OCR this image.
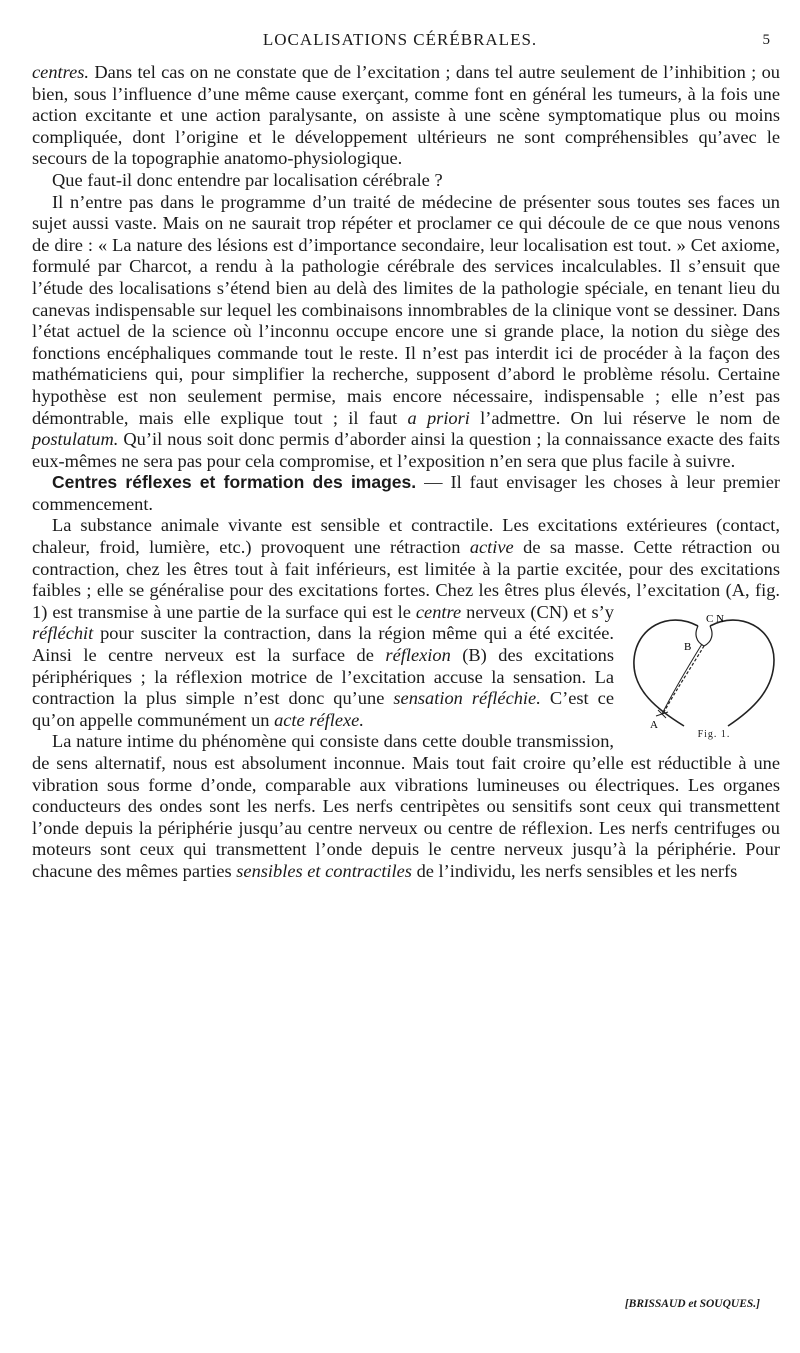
LOCALISATIONS CÉRÉBRALES.	5

centres. Dans tel cas on ne constate que de l’excitation ; dans tel autre seulement de l’inhibition ; ou bien, sous l’influence d’une même cause exerçant, comme font en général les tumeurs, à la fois une action excitante et une action paralysante, on assiste à une scène symptomatique plus ou moins compliquée, dont l’origine et le développement ultérieurs ne sont compréhensibles qu’avec le secours de la topographie anatomo-physiologique.

Que faut-il donc entendre par localisation cérébrale ?

Il n’entre pas dans le programme d’un traité de médecine de présenter sous toutes ses faces un sujet aussi vaste. Mais on ne saurait trop répéter et proclamer ce qui découle de ce que nous venons de dire : « La nature des lésions est d’importance secondaire, leur localisation est tout. » Cet axiome, formulé par Charcot, a rendu à la pathologie cérébrale des services incalculables. Il s’ensuit que l’étude des localisations s’étend bien au delà des limites de la pathologie spéciale, en tenant lieu du canevas indispensable sur lequel les combinaisons innombrables de la clinique vont se dessiner. Dans l’état actuel de la science où l’inconnu occupe encore une si grande place, la notion du siège des fonctions encéphaliques commande tout le reste. Il n’est pas interdit ici de procéder à la façon des mathématiciens qui, pour simplifier la recherche, supposent d’abord le problème résolu. Certaine hypothèse est non seulement permise, mais encore nécessaire, indispensable ; elle n’est pas démontrable, mais elle explique tout ; il faut a priori l’admettre. On lui réserve le nom de postulatum. Qu’il nous soit donc permis d’aborder ainsi la question ; la connaissance exacte des faits eux-mêmes ne sera pas pour cela compromise, et l’exposition n’en sera que plus facile à suivre.

Centres réflexes et formation des images. — Il faut envisager les choses à leur premier commencement.

La substance animale vivante est sensible et contractile. Les excitations extérieures (contact, chaleur, froid, lumière, etc.) provoquent une rétraction active de sa masse. Cette rétraction ou contraction, chez les êtres tout à fait inférieurs, est limitée à la partie excitée, pour des excitations faibles ; elle se généralise pour des excitations fortes. Chez les êtres plus élevés, l’excitation (A, fig. 1) est transmise à une partie de la surface qui est le	C N
B
A
Fig. 1.
centre nerveux (CN) et s’y réfléchit pour susciter la contraction, dans la région même qui a été excitée. Ainsi le centre nerveux est la surface de réflexion (B) des excitations périphériques ; la réflexion motrice de l’excitation accuse la sensation. La contraction la plus simple n’est donc qu’une sensation réfléchie. C’est ce qu’on appelle communément un acte réflexe.

La nature intime du phénomène qui consiste dans cette double transmission, de sens alternatif, nous est absolument inconnue. Mais tout fait croire qu’elle est réductible à une vibration sous forme d’onde, comparable aux vibrations lumineuses ou électriques. Les organes conducteurs des ondes sont les nerfs. Les nerfs centripètes ou sensitifs sont ceux qui transmettent l’onde depuis la périphérie jusqu’au centre nerveux ou centre de réflexion. Les nerfs centrifuges ou moteurs sont ceux qui transmettent l’onde depuis le centre nerveux jusqu’à la périphérie. Pour chacune des mêmes parties sensibles et contractiles de l’individu, les nerfs sensibles et les nerfs

[BRISSAUD et SOUQUES.]
